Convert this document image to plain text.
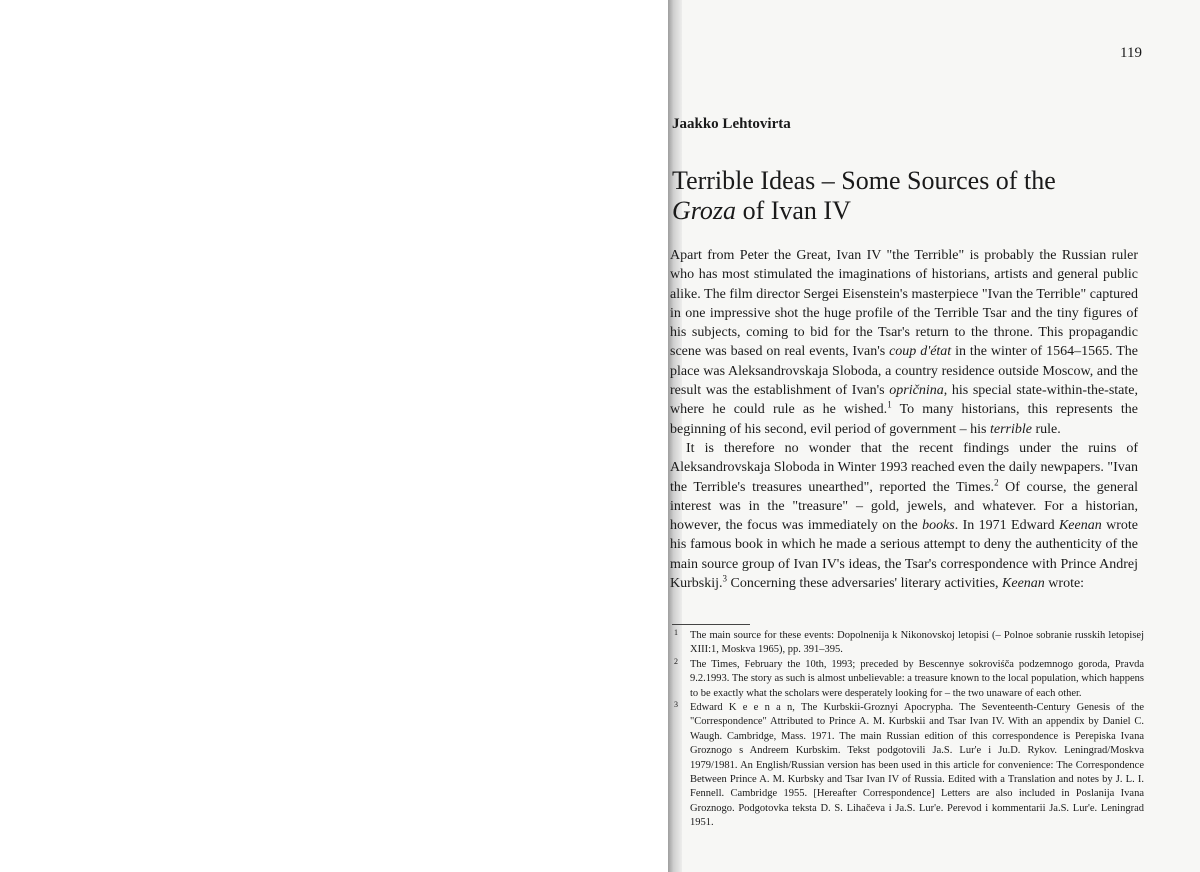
119

Jaakko Lehtovirta

Terrible Ideas – Some Sources of the
Groza of Ivan IV

Apart from Peter the Great, Ivan IV "the Terrible" is probably the Russian ruler who has most stimulated the imaginations of historians, artists and general public alike. The film director Sergei Eisenstein's masterpiece "Ivan the Terrible" captured in one impressive shot the huge profile of the Terrible Tsar and the tiny figures of his subjects, coming to bid for the Tsar's return to the throne. This propagandic scene was based on real events, Ivan's coup d'état in the winter of 1564–1565. The place was Aleksandrovskaja Sloboda, a country residence outside Moscow, and the result was the establishment of Ivan's opričnina, his special state-within-the-state, where he could rule as he wished.$^1$ To many historians, this represents the beginning of his second, evil period of government – his terrible rule.

It is therefore no wonder that the recent findings under the ruins of Aleksandrovskaja Sloboda in Winter 1993 reached even the daily newpapers. "Ivan the Terrible's treasures unearthed", reported the Times.$^2$ Of course, the general interest was in the "treasure" – gold, jewels, and whatever. For a historian, however, the focus was immediately on the books. In 1971 Edward Keenan wrote his famous book in which he made a serious attempt to deny the authenticity of the main source group of Ivan IV's ideas, the Tsar's correspondence with Prince Andrej Kurbskij.$^3$ Concerning these adversaries' literary activities, Keenan wrote:

1 The main source for these events: Dopolnenija k Nikonovskoj letopisi (– Polnoe sobranie russkih letopisej XIII:1, Moskva 1965), pp. 391–395.

2 The Times, February the 10th, 1993; preceded by Bescennye sokroviśča podzemnogo goroda, Pravda 9.2.1993. The story as such is almost unbelievable: a treasure known to the local population, which happens to be exactly what the scholars were desperately looking for – the two unaware of each other.

3 Edward K e e n a n, The Kurbskii-Groznyi Apocrypha. The Seventeenth-Century Genesis of the "Correspondence" Attributed to Prince A. M. Kurbskii and Tsar Ivan IV. With an appendix by Daniel C. Waugh. Cambridge, Mass. 1971. The main Russian edition of this correspondence is Perepiska Ivana Groznogo s Andreem Kurbskim. Tekst podgotovili Ja.S. Lur'e i Ju.D. Rykov. Leningrad/Moskva 1979/1981. An English/Russian version has been used in this article for convenience: The Correspondence Between Prince A. M. Kurbsky and Tsar Ivan IV of Russia. Edited with a Translation and notes by J. L. I. Fennell. Cambridge 1955. [Hereafter Correspondence] Letters are also included in Poslanija Ivana Groznogo. Podgotovka teksta D. S. Lihačeva i Ja.S. Lur'e. Perevod i kommentarii Ja.S. Lur'e. Leningrad 1951.
